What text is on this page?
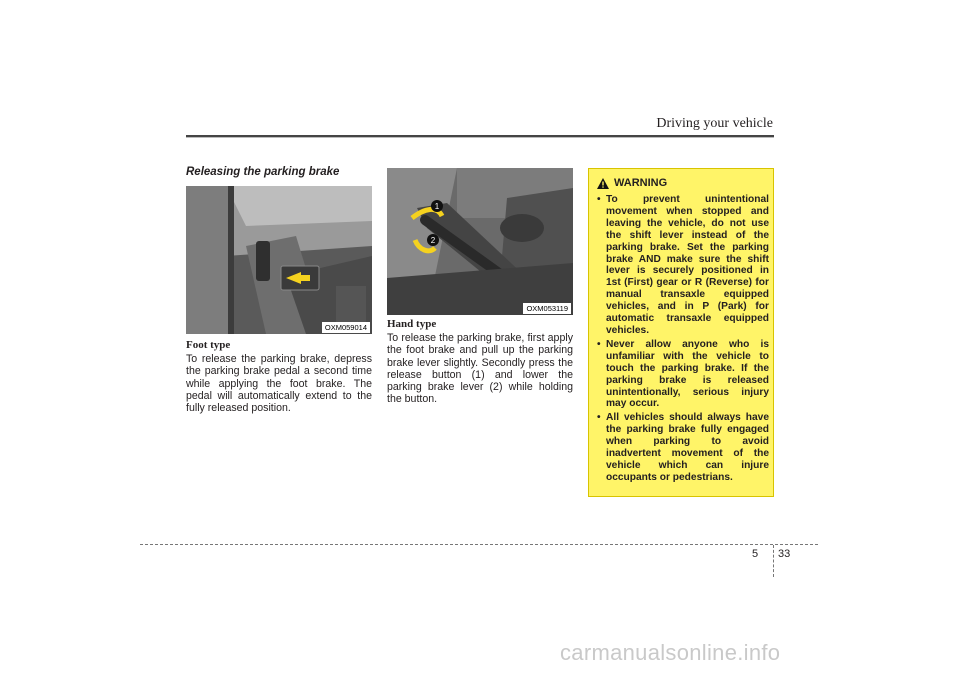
Driving your vehicle
Releasing the parking brake
OXM059014
Foot type
To release the parking brake, depress the parking brake pedal a second time while applying the foot brake. The pedal will automatically extend to the fully released position.
1
2
OXM053119
Hand type
To release the parking brake, first apply the foot brake and pull up the parking brake lever slightly. Secondly press the release button (1) and lower the parking brake lever (2) while holding the button.
WARNING
• To prevent unintentional movement when stopped and leaving the vehicle, do not use the shift lever instead of the parking brake. Set the parking brake AND make sure the shift lever is securely positioned in 1st (First) gear or R (Reverse) for manual transaxle equipped vehicles, and in P (Park) for automatic transaxle equipped vehicles.
• Never allow anyone who is unfamiliar with the vehicle to touch the parking brake. If the parking brake is released unintentionally, serious injury may occur.
• All vehicles should always have the parking brake fully engaged when parking to avoid inadvertent movement of the vehicle which can injure occupants or pedestrians.
5 33
carmanualsonline.info
